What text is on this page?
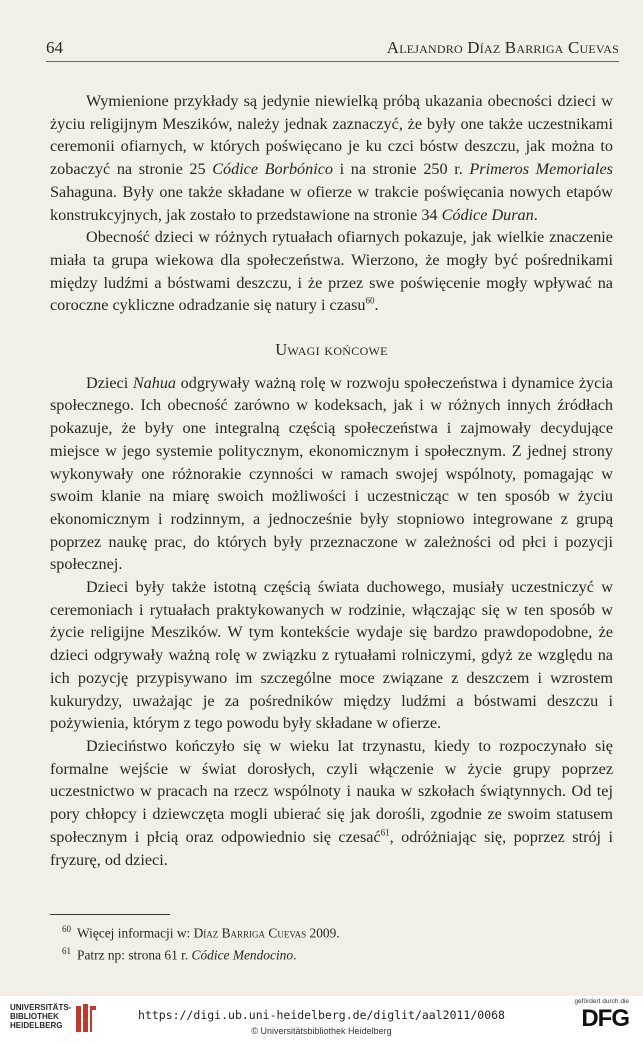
64	Alejandro Díaz Barriga Cuevas

Wymienione przykłady są jedynie niewielką próbą ukazania obecności dzieci w życiu religijnym Meszików, należy jednak zaznaczyć, że były one także uczestnikami ceremonii ofiarnych, w których poświęcano je ku czci bóstw deszczu, jak można to zobaczyć na stronie 25 Códice Borbónico i na stronie 250 r. Primeros Memoriales Sahaguna. Były one także składane w ofierze w trakcie poświęcania nowych etapów konstrukcyjnych, jak zostało to przedstawione na stronie 34 Códice Duran.

Obecność dzieci w różnych rytuałach ofiarnych pokazuje, jak wielkie znaczenie miała ta grupa wiekowa dla społeczeństwa. Wierzono, że mogły być pośrednikami między ludźmi a bóstwami deszczu, i że przez swe poświęcenie mogły wpływać na coroczne cykliczne odradzanie się natury i czasu$^{60}$.

Uwagi końcowe

Dzieci Nahua odgrywały ważną rolę w rozwoju społeczeństwa i dynamice życia społecznego. Ich obecność zarówno w kodeksach, jak i w różnych innych źródłach pokazuje, że były one integralną częścią społeczeństwa i zajmowały decydujące miejsce w jego systemie politycznym, ekonomicznym i społecznym. Z jednej strony wykonywały one różnorakie czynności w ramach swojej wspólnoty, pomagając w swoim klanie na miarę swoich możliwości i uczestnicząc w ten sposób w życiu ekonomicznym i rodzinnym, a jednocześnie były stopniowo integrowane z grupą poprzez naukę prac, do których były przeznaczone w zależności od płci i pozycji społecznej.

Dzieci były także istotną częścią świata duchowego, musiały uczestniczyć w ceremoniach i rytuałach praktykowanych w rodzinie, włączając się w ten sposób w życie religijne Meszików. W tym kontekście wydaje się bardzo prawdopodobne, że dzieci odgrywały ważną rolę w związku z rytuałami rolniczymi, gdyż ze względu na ich pozycję przypisywano im szczególne moce związane z deszczem i wzrostem kukurydzy, uważając je za pośredników między ludźmi a bóstwami deszczu i pożywienia, którym z tego powodu były składane w ofierze.

Dzieciństwo kończyło się w wieku lat trzynastu, kiedy to rozpoczynało się formalne wejście w świat dorosłych, czyli włączenie w życie grupy poprzez uczestnictwo w pracach na rzecz wspólnoty i nauka w szkołach świątynnych. Od tej pory chłopcy i dziewczęta mogli ubierać się jak dorośli, zgodnie ze swoim statusem społecznym i płcią oraz odpowiednio się czesać$^{61}$, odróżniając się, poprzez strój i fryzurę, od dzieci.

$^{60}$ Więcej informacji w: Díaz Barriga Cuevas 2009.
$^{61}$ Patrz np: strona 61 r. Códice Mendocino.
UNIVERSITÄTS-
BIBLIOTHEK
HEIDELBERG
https://digi.ub.uni-heidelberg.de/diglit/aal2011/0068
© Universitätsbibliothek Heidelberg
gefördert durch die
DFG
